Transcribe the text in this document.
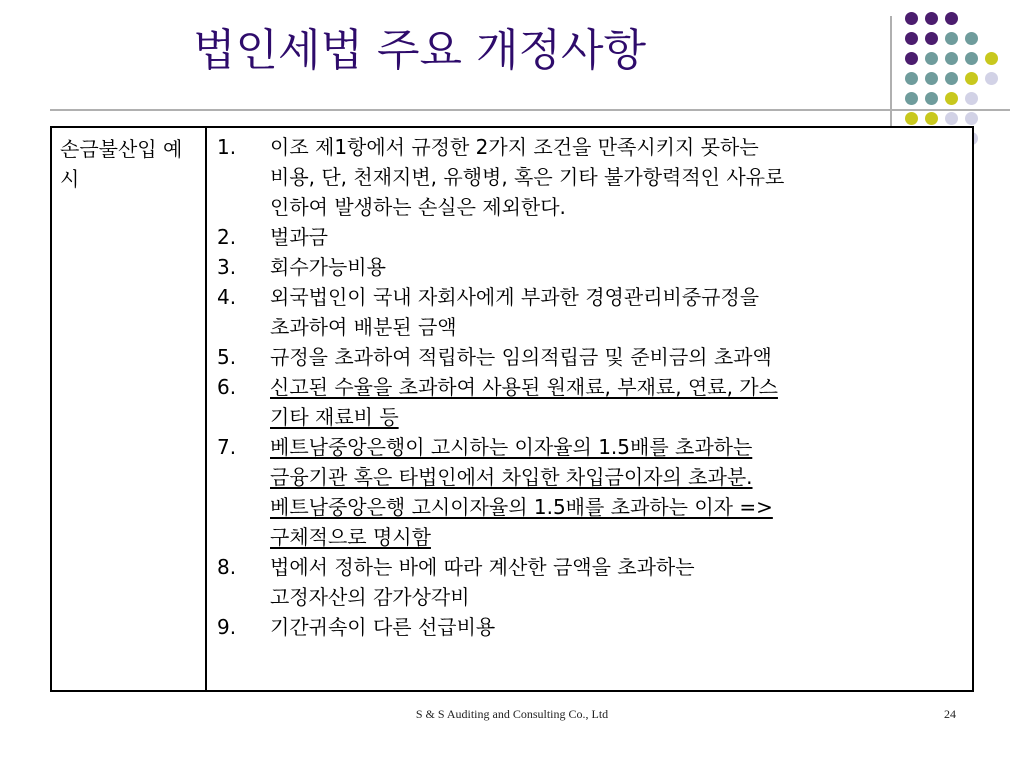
법인세법 주요 개정사항
손금불산입 예시
1.	이조 제1항에서 규정한 2가지 조건을 만족시키지 못하는
비용, 단, 천재지변, 유행병, 혹은 기타 불가항력적인 사유로
인하여 발생하는 손실은 제외한다.
2.	벌과금
3.	회수가능비용
4.	외국법인이 국내 자회사에게 부과한 경영관리비중규정을
초과하여 배분된 금액
5.	규정을 초과하여 적립하는 임의적립금 및 준비금의 초과액
6.	신고된 수율을 초과하여 사용된 원재료, 부재료, 연료, 가스
기타 재료비 등
7.	베트남중앙은행이 고시하는 이자율의 1.5배를 초과하는
금융기관 혹은 타법인에서 차입한 차입금이자의 초과분.
베트남중앙은행 고시이자율의 1.5배를 초과하는 이자 =>
구체적으로 명시함
8.	법에서 정하는 바에 따라 계산한 금액을 초과하는
고정자산의 감가상각비
9.	기간귀속이 다른 선급비용
S & S Auditing and Consulting Co., Ltd	24
